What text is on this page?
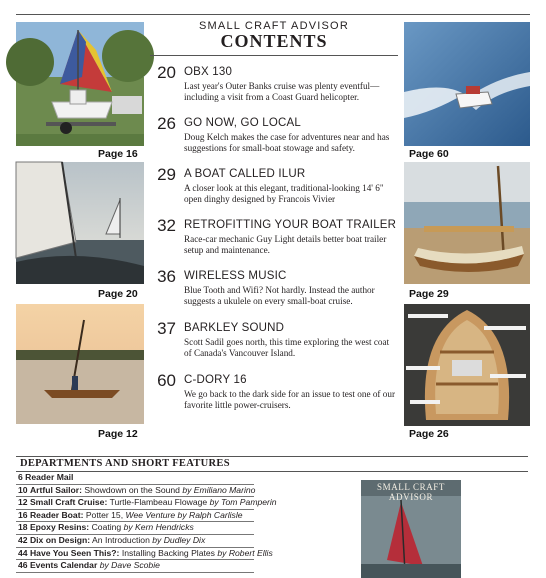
Page 16
Page 20
Page 12
SMALL CRAFT ADVISOR
CONTENTS
20 OBX 130
Last year's Outer Banks cruise was plenty eventful—including a visit from a Coast Guard helicopter.
26 GO NOW, GO LOCAL
Doug Kelch makes the case for adventures near and has suggestions for small-boat stowage and safety.
29 A BOAT CALLED ILUR
A closer look at this elegant, traditional-looking 14' 6" open dinghy designed by Francois Vivier
32 RETROFITTING YOUR BOAT TRAILER
Race-car mechanic Guy Light details better boat trailer setup and maintenance.
36 WIRELESS MUSIC
Blue Tooth and Wifi? Not hardly. Instead the author suggests a ukulele on every small-boat cruise.
37 BARKLEY SOUND
Scott Sadil goes north, this time exploring the west coat of Canada's Vancouver Island.
60 C-DORY 16
We go back to the dark side for an issue to test one of our favorite little power-cruisers.
Page 60
Page 29
Page 26
DEPARTMENTS AND SHORT FEATURES
6 Reader Mail
10 Artful Sailor: Showdown on the Sound by Emiliano Marino
12 Small Craft Cruise: Turtle-Flambeau Flowage by Tom Pamperin
16 Reader Boat: Potter 15, Wee Venture by Ralph Carlisle
18 Epoxy Resins: Coating by Kern Hendricks
42 Dix on Design: An Introduction by Dudley Dix
44 Have You Seen This?: Installing Backing Plates by Robert Ellis
46 Events Calendar by Dave Scobie
SMALL CRAFT ADVISOR
